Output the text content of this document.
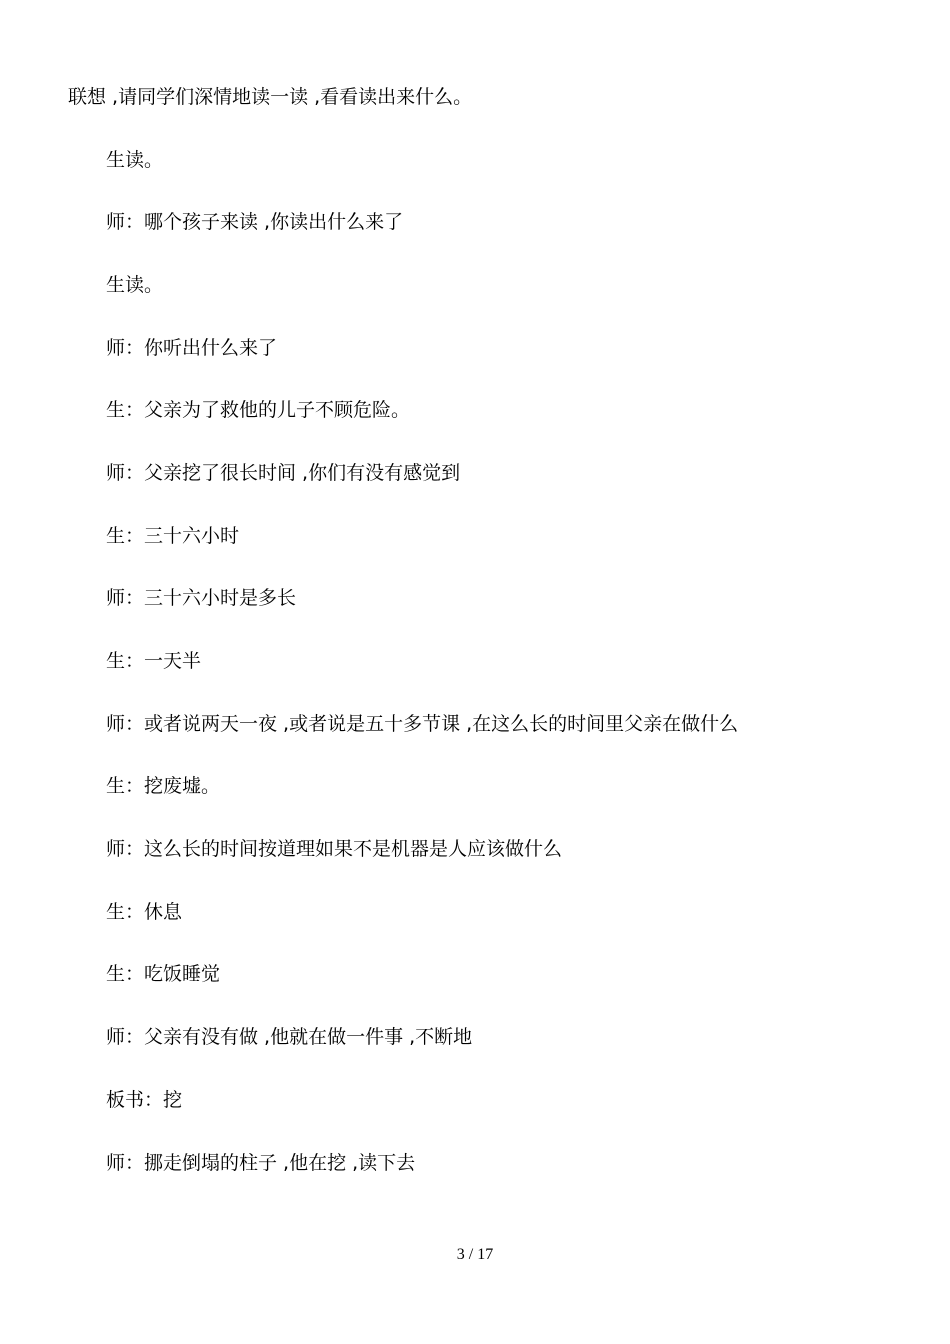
联想 ,请同学们深情地读一读 ,看看读出来什么。
生读。
师：哪个孩子来读 ,你读出什么来了
生读。
师：你听出什么来了
生：父亲为了救他的儿子不顾危险。
师：父亲挖了很长时间 ,你们有没有感觉到
生：三十六小时
师：三十六小时是多长
生：一天半
师：或者说两天一夜 ,或者说是五十多节课 ,在这么长的时间里父亲在做什么
生：挖废墟。
师：这么长的时间按道理如果不是机器是人应该做什么
生：休息
生：吃饭睡觉
师：父亲有没有做 ,他就在做一件事 ,不断地
板书：挖
师：挪走倒塌的柱子 ,他在挖 ,读下去
3 / 17
